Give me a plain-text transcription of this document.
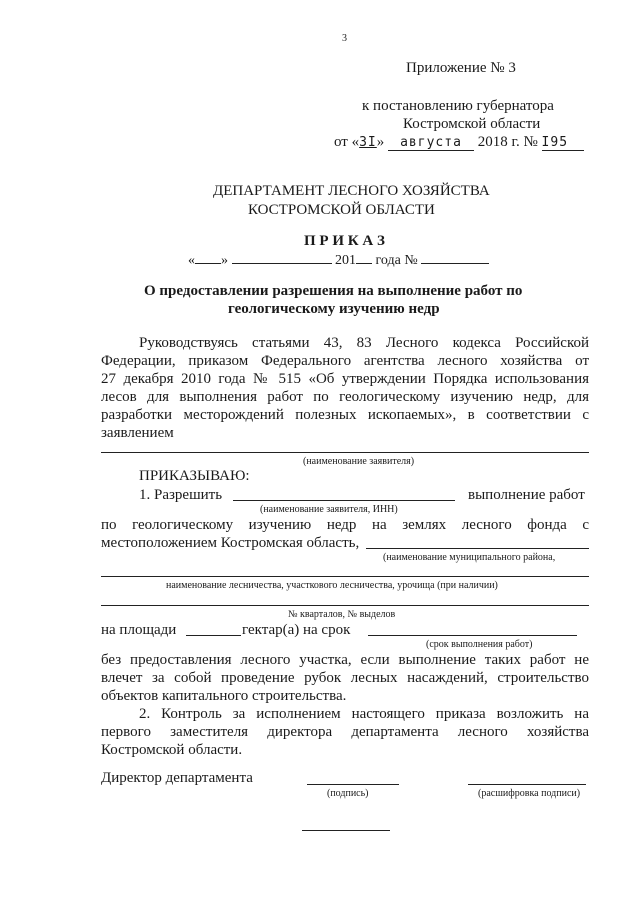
3
Приложение № 3
к постановлению губернатора
Костромской области
от «3I» августа 2018 г. № I95
ДЕПАРТАМЕНТ ЛЕСНОГО ХОЗЯЙСТВА
КОСТРОМСКОЙ ОБЛАСТИ
П Р И К А З
« »	201 года №
О предоставлении разрешения на выполнение работ по
геологическому изучению недр
Руководствуясь статьями 43, 83 Лесного кодекса Российской
Федерации, приказом Федерального агентства лесного хозяйства от
27 декабря 2010 года № 515 «Об утверждении Порядка использования
лесов для выполнения работ по геологическому изучению недр, для
разработки месторождений полезных ископаемых», в соответствии с
заявлением
(наименование заявителя)
ПРИКАЗЫВАЮ:
1. Разрешить	выполнение работ
(наименование заявителя, ИНН)
по геологическому изучению недр на землях лесного фонда с
местоположением Костромская область,
(наименование муниципального района,
наименование лесничества, участкового лесничества, урочища (при наличии)
№ кварталов, № выделов
на площади	гектар(а) на срок
(срок выполнения работ)
без предоставления лесного участка, если выполнение таких работ не
влечет за собой проведение рубок лесных насаждений, строительство
объектов капитального строительства.
2. Контроль за исполнением настоящего приказа возложить на
первого заместителя директора департамента лесного хозяйства
Костромской области.
Директор департамента
(подпись)	(расшифровка подписи)
